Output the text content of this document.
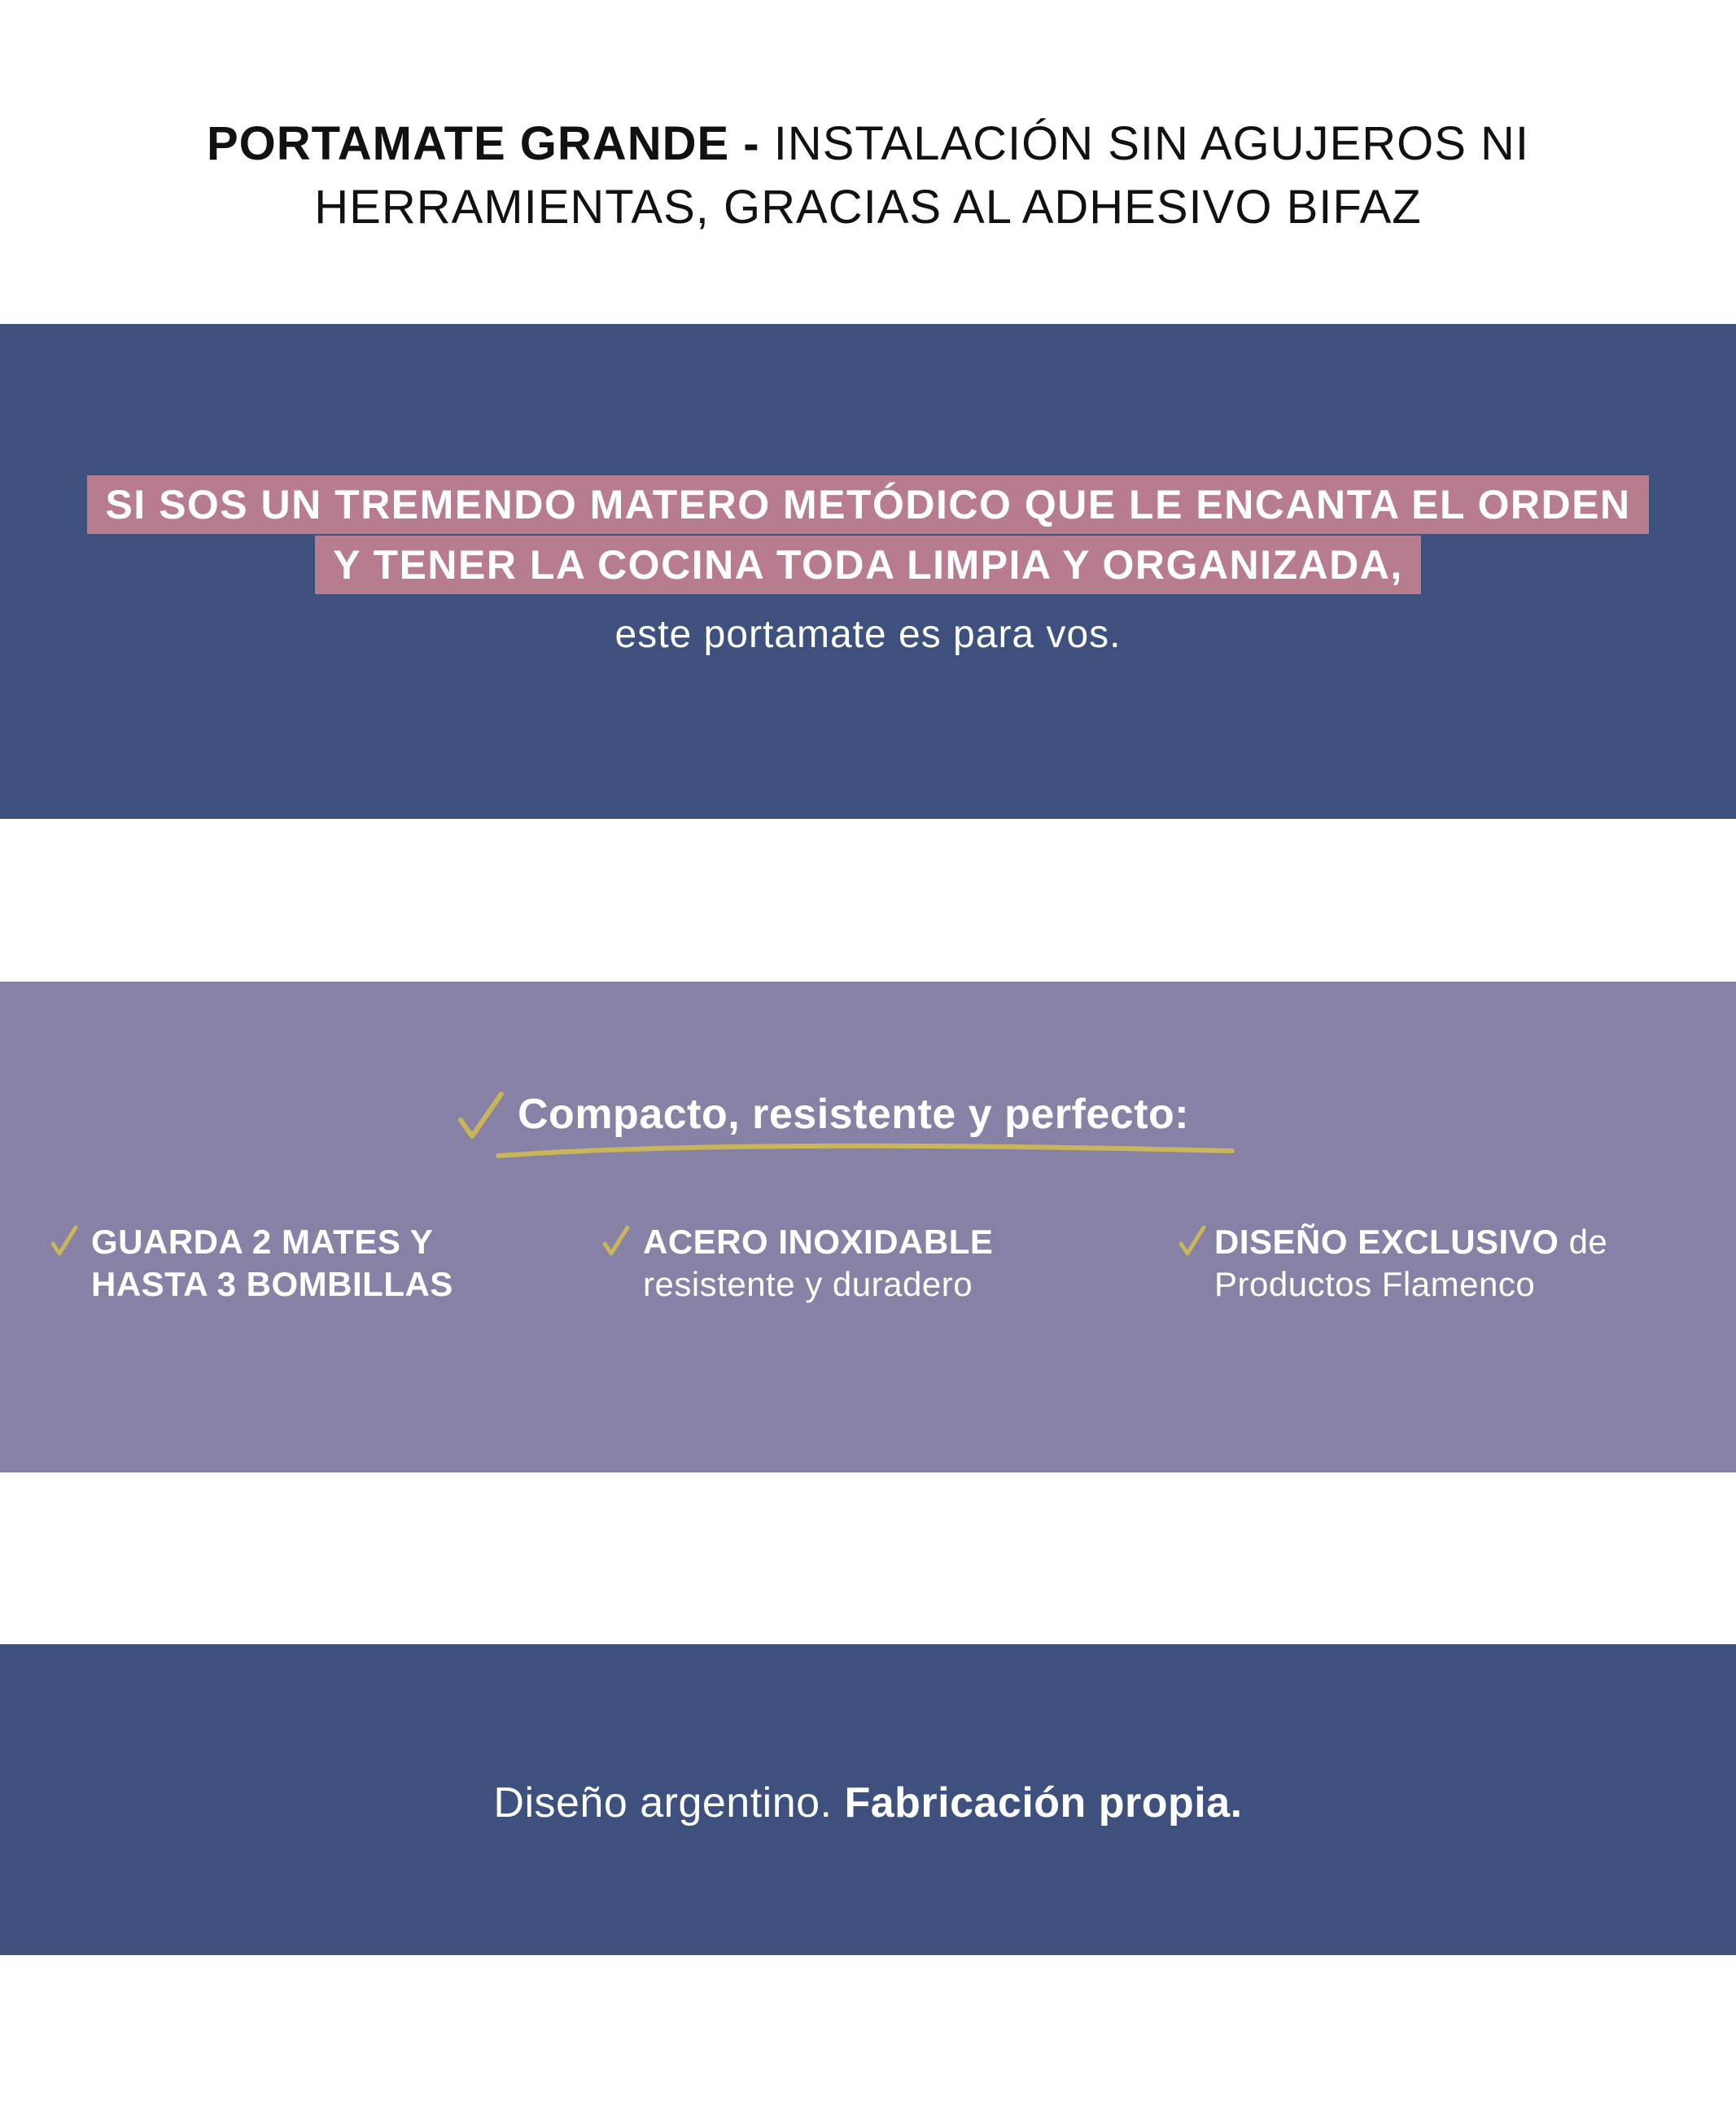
PORTAMATE GRANDE - INSTALACIÓN SIN AGUJEROS NI
HERRAMIENTAS, GRACIAS AL ADHESIVO BIFAZ
SI SOS UN TREMENDO MATERO METÓDICO QUE LE ENCANTA EL ORDEN
Y TENER LA COCINA TODA LIMPIA Y ORGANIZADA,
este portamate es para vos.
Compacto, resistente y perfecto:
GUARDA 2 MATES Y
HASTA 3 BOMBILLAS
ACERO INOXIDABLE
resistente y duradero
DISEÑO EXCLUSIVO de
Productos Flamenco
Diseño argentino. Fabricación propia.
